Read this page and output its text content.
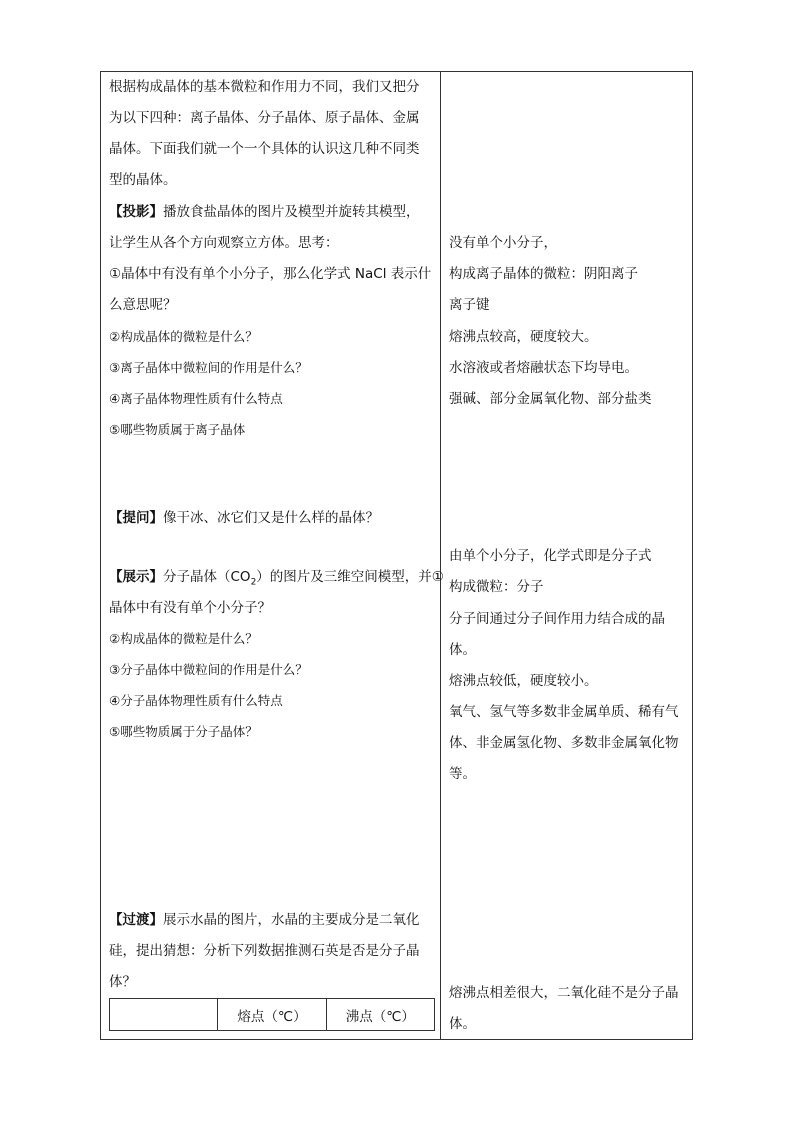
根据构成晶体的基本微粒和作用力不同，我们又把分

为以下四种：离子晶体、分子晶体、原子晶体、金属

晶体。下面我们就一个一个具体的认识这几种不同类

型的晶体。

【投影】播放食盐晶体的图片及模型并旋转其模型，

让学生从各个方向观察立方体。思考：

①晶体中有没有单个小分子，那么化学式 NaCl 表示什

么意思呢？

②构成晶体的微粒是什么？

③离子晶体中微粒间的作用是什么？

④离子晶体物理性质有什么特点

⑤哪些物质属于离子晶体

【提问】像干冰、冰它们又是什么样的晶体？

【展示】分子晶体$(CO_2)$的图片及三维空间模型，并①

晶体中有没有单个小分子？

②构成晶体的微粒是什么？

③分子晶体中微粒间的作用是什么？

④分子晶体物理性质有什么特点

⑤哪些物质属于分子晶体？

【过渡】展示水晶的图片，水晶的主要成分是二氧化

硅，提出猜想：分析下列数据推测石英是否是分子晶

体？

	熔点（℃）	沸点（℃）

没有单个小分子，

构成离子晶体的微粒：阴阳离子

离子键

熔沸点较高，硬度较大。

水溶液或者熔融状态下均导电。

强碱、部分金属氧化物、部分盐类

由单个小分子，化学式即是分子式

构成微粒：分子

分子间通过分子间作用力结合成的晶

体。

熔沸点较低，硬度较小。

氧气、氢气等多数非金属单质、稀有气

体、非金属氢化物、多数非金属氧化物

等。

熔沸点相差很大，二氧化硅不是分子晶

体。
